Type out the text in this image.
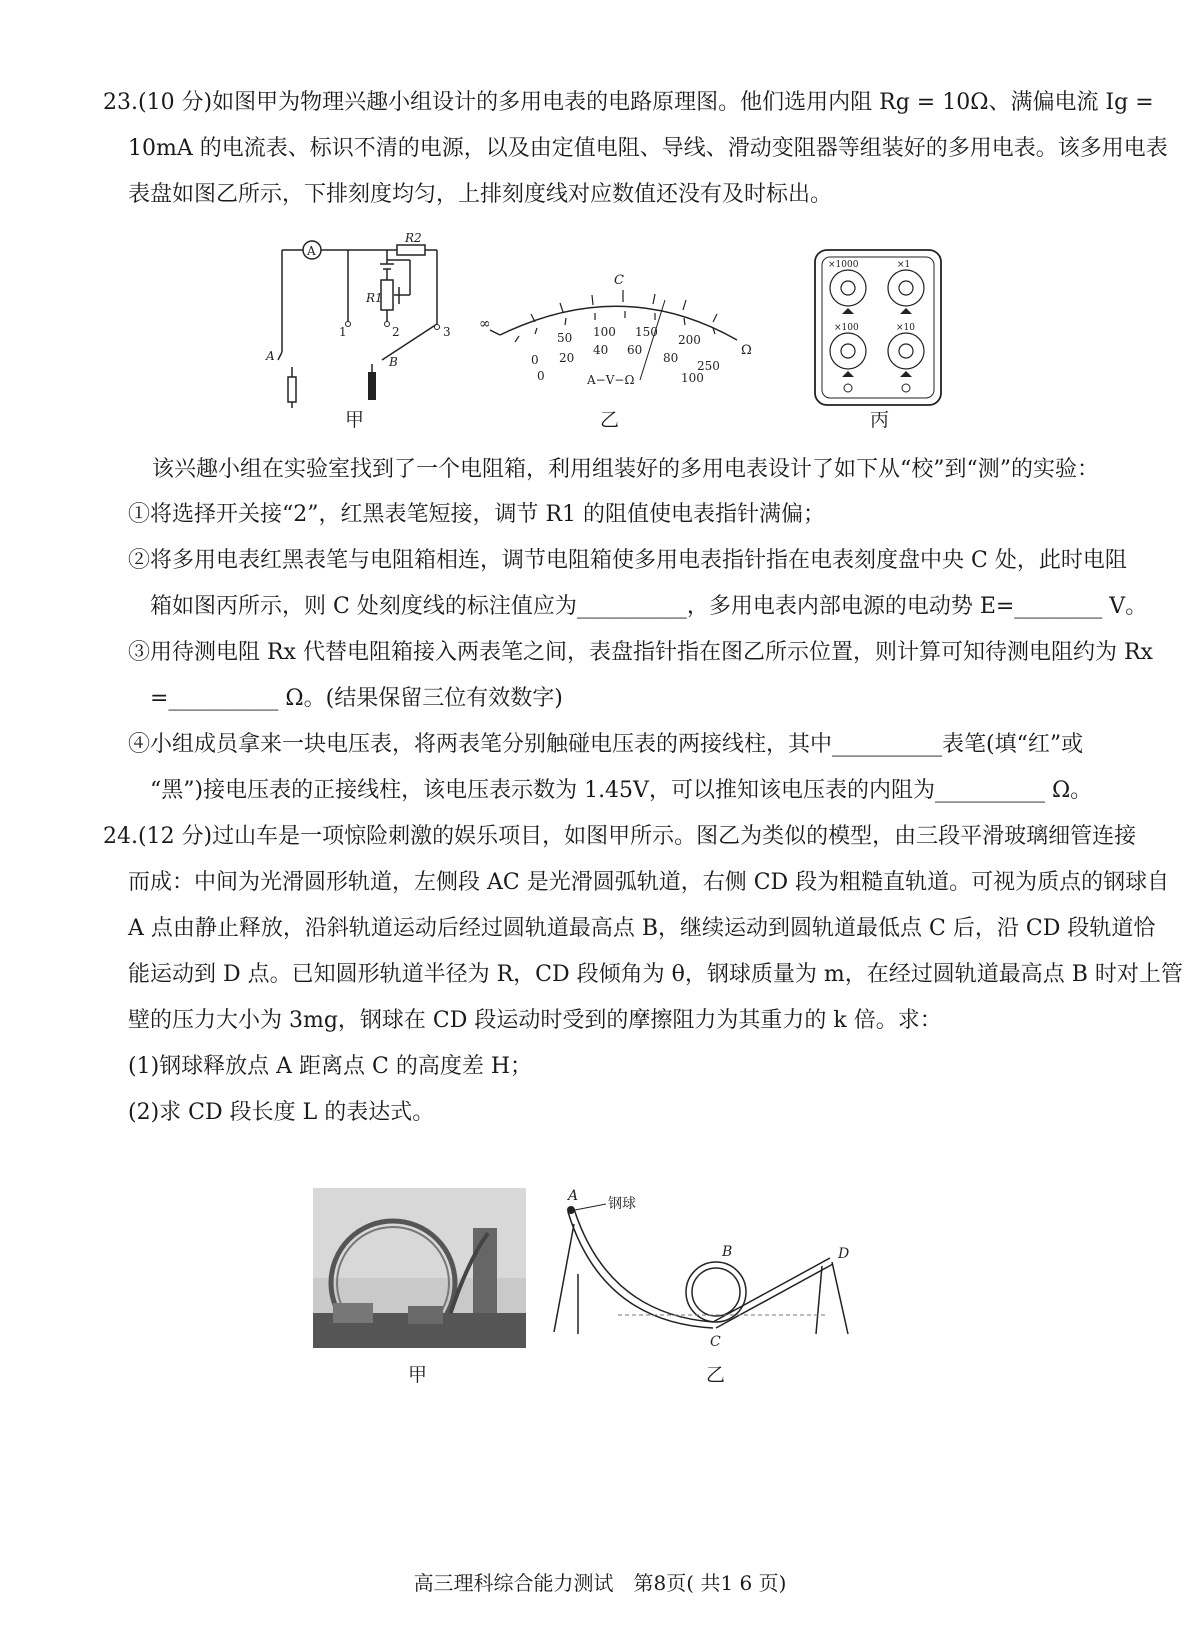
23.(10 分)如图甲为物理兴趣小组设计的多用电表的电路原理图。他们选用内阻 Rg = 10Ω、满偏电流 Ig =
10mA 的电流表、标识不清的电源，以及由定值电阻、导线、滑动变阻器等组装好的多用电表。该多用电表
表盘如图乙所示，下排刻度均匀，上排刻度线对应数值还没有及时标出。
A
R2
R1
1	2	3
A	B
甲
∞
C
Ω
0
0
50 100 150
200
250
20
40 60
80
100
A−V−Ω
乙
×1000	×1
×100	×10
丙
该兴趣小组在实验室找到了一个电阻箱，利用组装好的多用电表设计了如下从“校”到“测”的实验：
①将选择开关接“2”，红黑表笔短接，调节 R1 的阻值使电表指针满偏；
②将多用电表红黑表笔与电阻箱相连，调节电阻箱使多用电表指针指在电表刻度盘中央 C 处，此时电阻
箱如图丙所示，则 C 处刻度线的标注值应为__________，多用电表内部电源的电动势 E=________ V。
③用待测电阻 Rx 代替电阻箱接入两表笔之间，表盘指针指在图乙所示位置，则计算可知待测电阻约为 Rx
=__________ Ω。(结果保留三位有效数字)
④小组成员拿来一块电压表，将两表笔分别触碰电压表的两接线柱，其中__________表笔(填“红”或
“黑”)接电压表的正接线柱，该电压表示数为 1.45V，可以推知该电压表的内阻为__________ Ω。
24.(12 分)过山车是一项惊险刺激的娱乐项目，如图甲所示。图乙为类似的模型，由三段平滑玻璃细管连接
而成：中间为光滑圆形轨道，左侧段 AC 是光滑圆弧轨道，右侧 CD 段为粗糙直轨道。可视为质点的钢球自
A 点由静止释放，沿斜轨道运动后经过圆轨道最高点 B，继续运动到圆轨道最低点 C 后，沿 CD 段轨道恰
能运动到 D 点。已知圆形轨道半径为 R，CD 段倾角为 θ，钢球质量为 m，在经过圆轨道最高点 B 时对上管
壁的压力大小为 3mg，钢球在 CD 段运动时受到的摩擦阻力为其重力的 k 倍。求：
(1)钢球释放点 A 距离点 C 的高度差 H；
(2)求 CD 段长度 L 的表达式。
甲
A 钢球
B
C
D
乙
高三理科综合能力测试　第8页( 共1 6 页)
